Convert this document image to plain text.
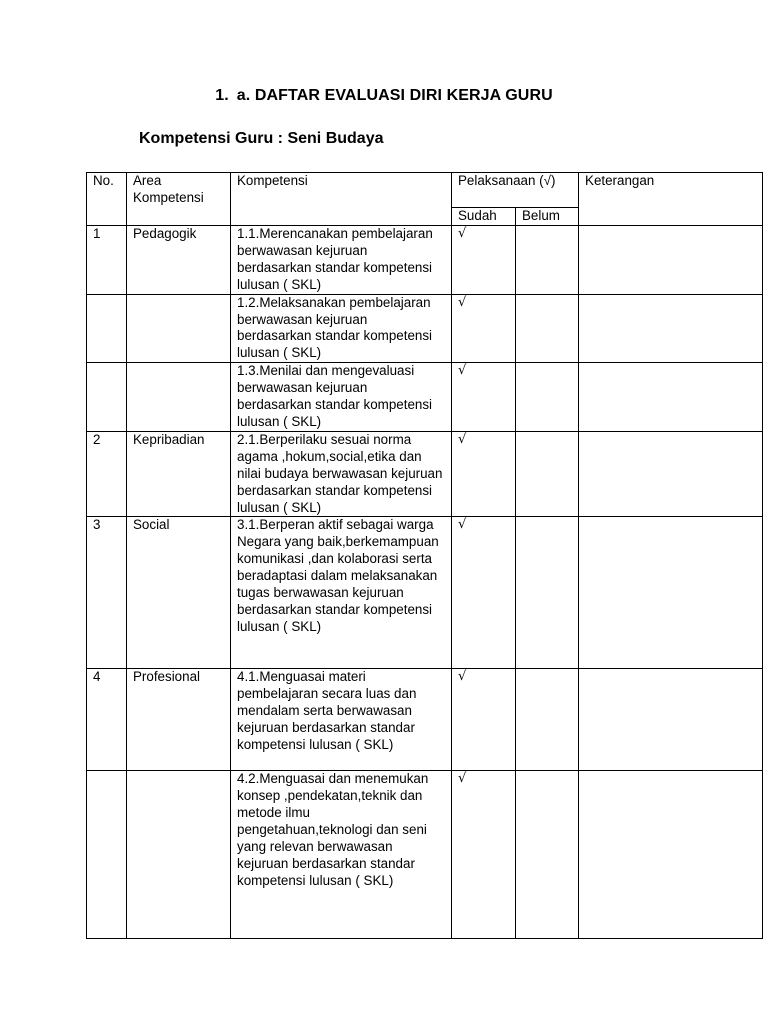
1. a. DAFTAR EVALUASI DIRI KERJA GURU
Kompetensi Guru : Seni Budaya
No.	Area Kompetensi	Kompetensi	Pelaksanaan (√)		Keterangan
			Sudah	Belum	
1	Pedagogik	1.1.Merencanakan pembelajaran berwawasan kejuruan berdasarkan standar kompetensi lulusan ( SKL)	√		
		1.2.Melaksanakan pembelajaran berwawasan kejuruan berdasarkan standar kompetensi lulusan ( SKL)	√		
		1.3.Menilai dan mengevaluasi berwawasan kejuruan berdasarkan standar kompetensi lulusan ( SKL)	√		
2	Kepribadian	2.1.Berperilaku sesuai norma agama ,hokum,social,etika dan nilai budaya berwawasan kejuruan berdasarkan standar kompetensi lulusan ( SKL)	√		
3	Social	3.1.Berperan aktif sebagai warga Negara yang baik,berkemampuan komunikasi ,dan kolaborasi serta beradaptasi dalam melaksanakan tugas berwawasan kejuruan berdasarkan standar kompetensi lulusan ( SKL)	√		
4	Profesional	4.1.Menguasai materi pembelajaran secara luas dan mendalam serta berwawasan kejuruan berdasarkan standar kompetensi lulusan ( SKL)	√		
		4.2.Menguasai dan menemukan konsep ,pendekatan,teknik dan metode ilmu pengetahuan,teknologi dan seni yang relevan berwawasan kejuruan berdasarkan standar kompetensi lulusan ( SKL)	√		
